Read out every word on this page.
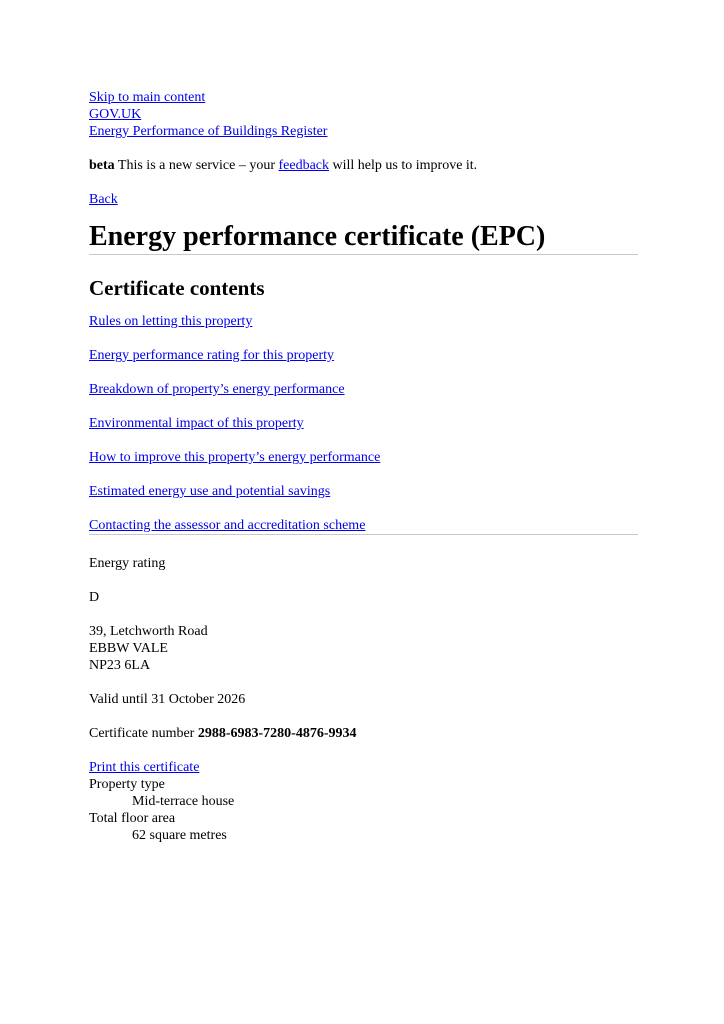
Skip to main content
GOV.UK
Energy Performance of Buildings Register
beta This is a new service – your feedback will help us to improve it.
Back
Energy performance certificate (EPC)
Certificate contents
Rules on letting this property
Energy performance rating for this property
Breakdown of property’s energy performance
Environmental impact of this property
How to improve this property’s energy performance
Estimated energy use and potential savings
Contacting the assessor and accreditation scheme
Energy rating
D
39, Letchworth Road
EBBW VALE
NP23 6LA
Valid until 31 October 2026
Certificate number 2988-6983-7280-4876-9934
Print this certificate
Property type
Mid-terrace house
Total floor area
62 square metres
